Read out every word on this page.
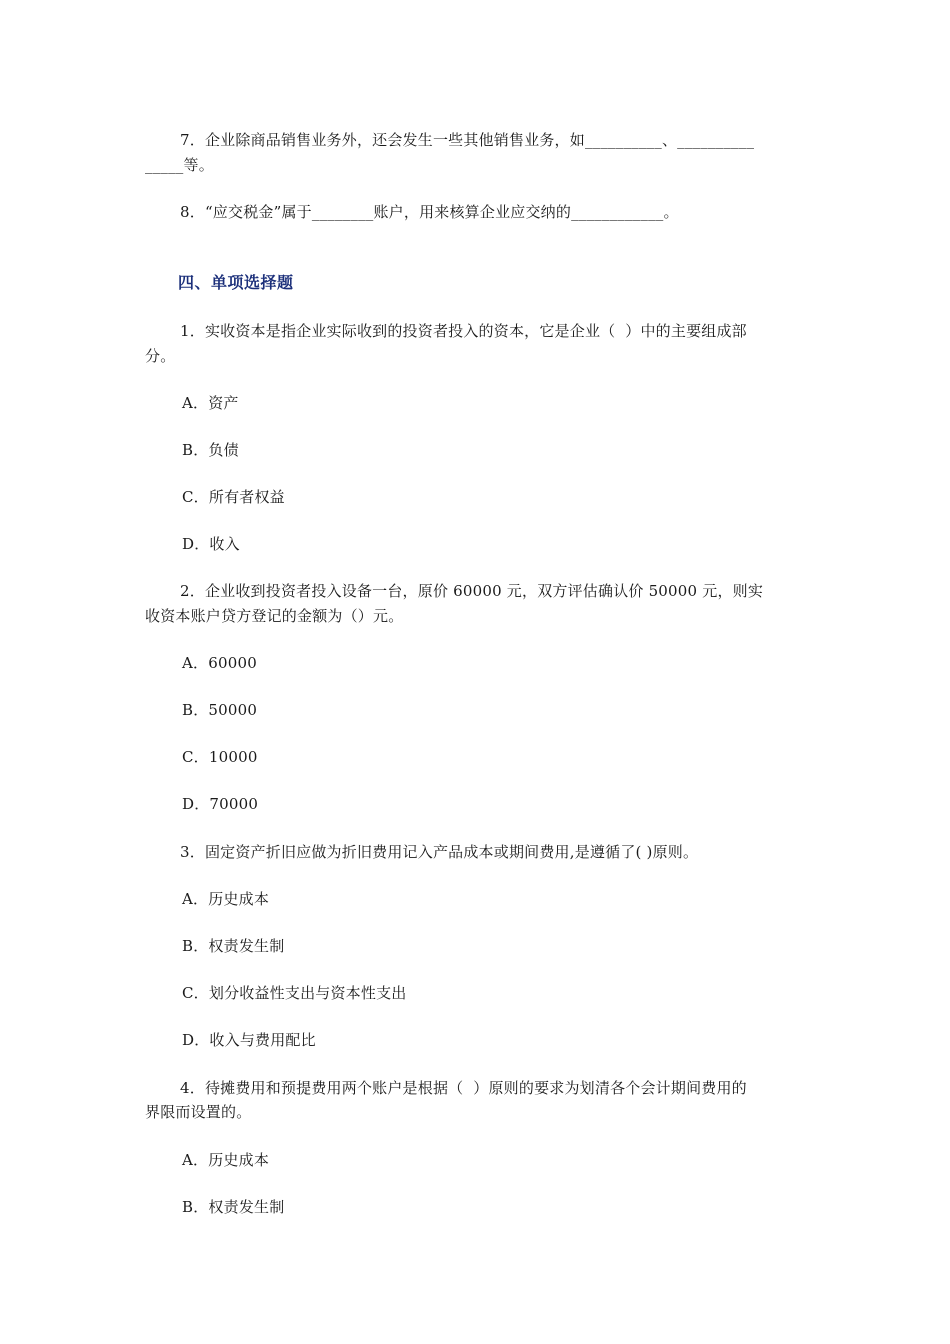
7．企业除商品销售业务外，还会发生一些其他销售业务，如__________、__________
_____等。
8．“应交税金”属于________账户，用来核算企业应交纳的____________。
四、单项选择题
1．实收资本是指企业实际收到的投资者投入的资本，它是企业（  ）中的主要组成部
分。
A．资产
B．负债
C．所有者权益
D．收入
2．企业收到投资者投入设备一台，原价 60000 元，双方评估确认价 50000 元，则实
收资本账户贷方登记的金额为（）元。
A．60000
B．50000
C．10000
D．70000
3．固定资产折旧应做为折旧费用记入产品成本或期间费用,是遵循了( )原则。
A．历史成本
B．权责发生制
C．划分收益性支出与资本性支出
D．收入与费用配比
4．待摊费用和预提费用两个账户是根据（  ）原则的要求为划清各个会计期间费用的
界限而设置的。
A．历史成本
B．权责发生制
